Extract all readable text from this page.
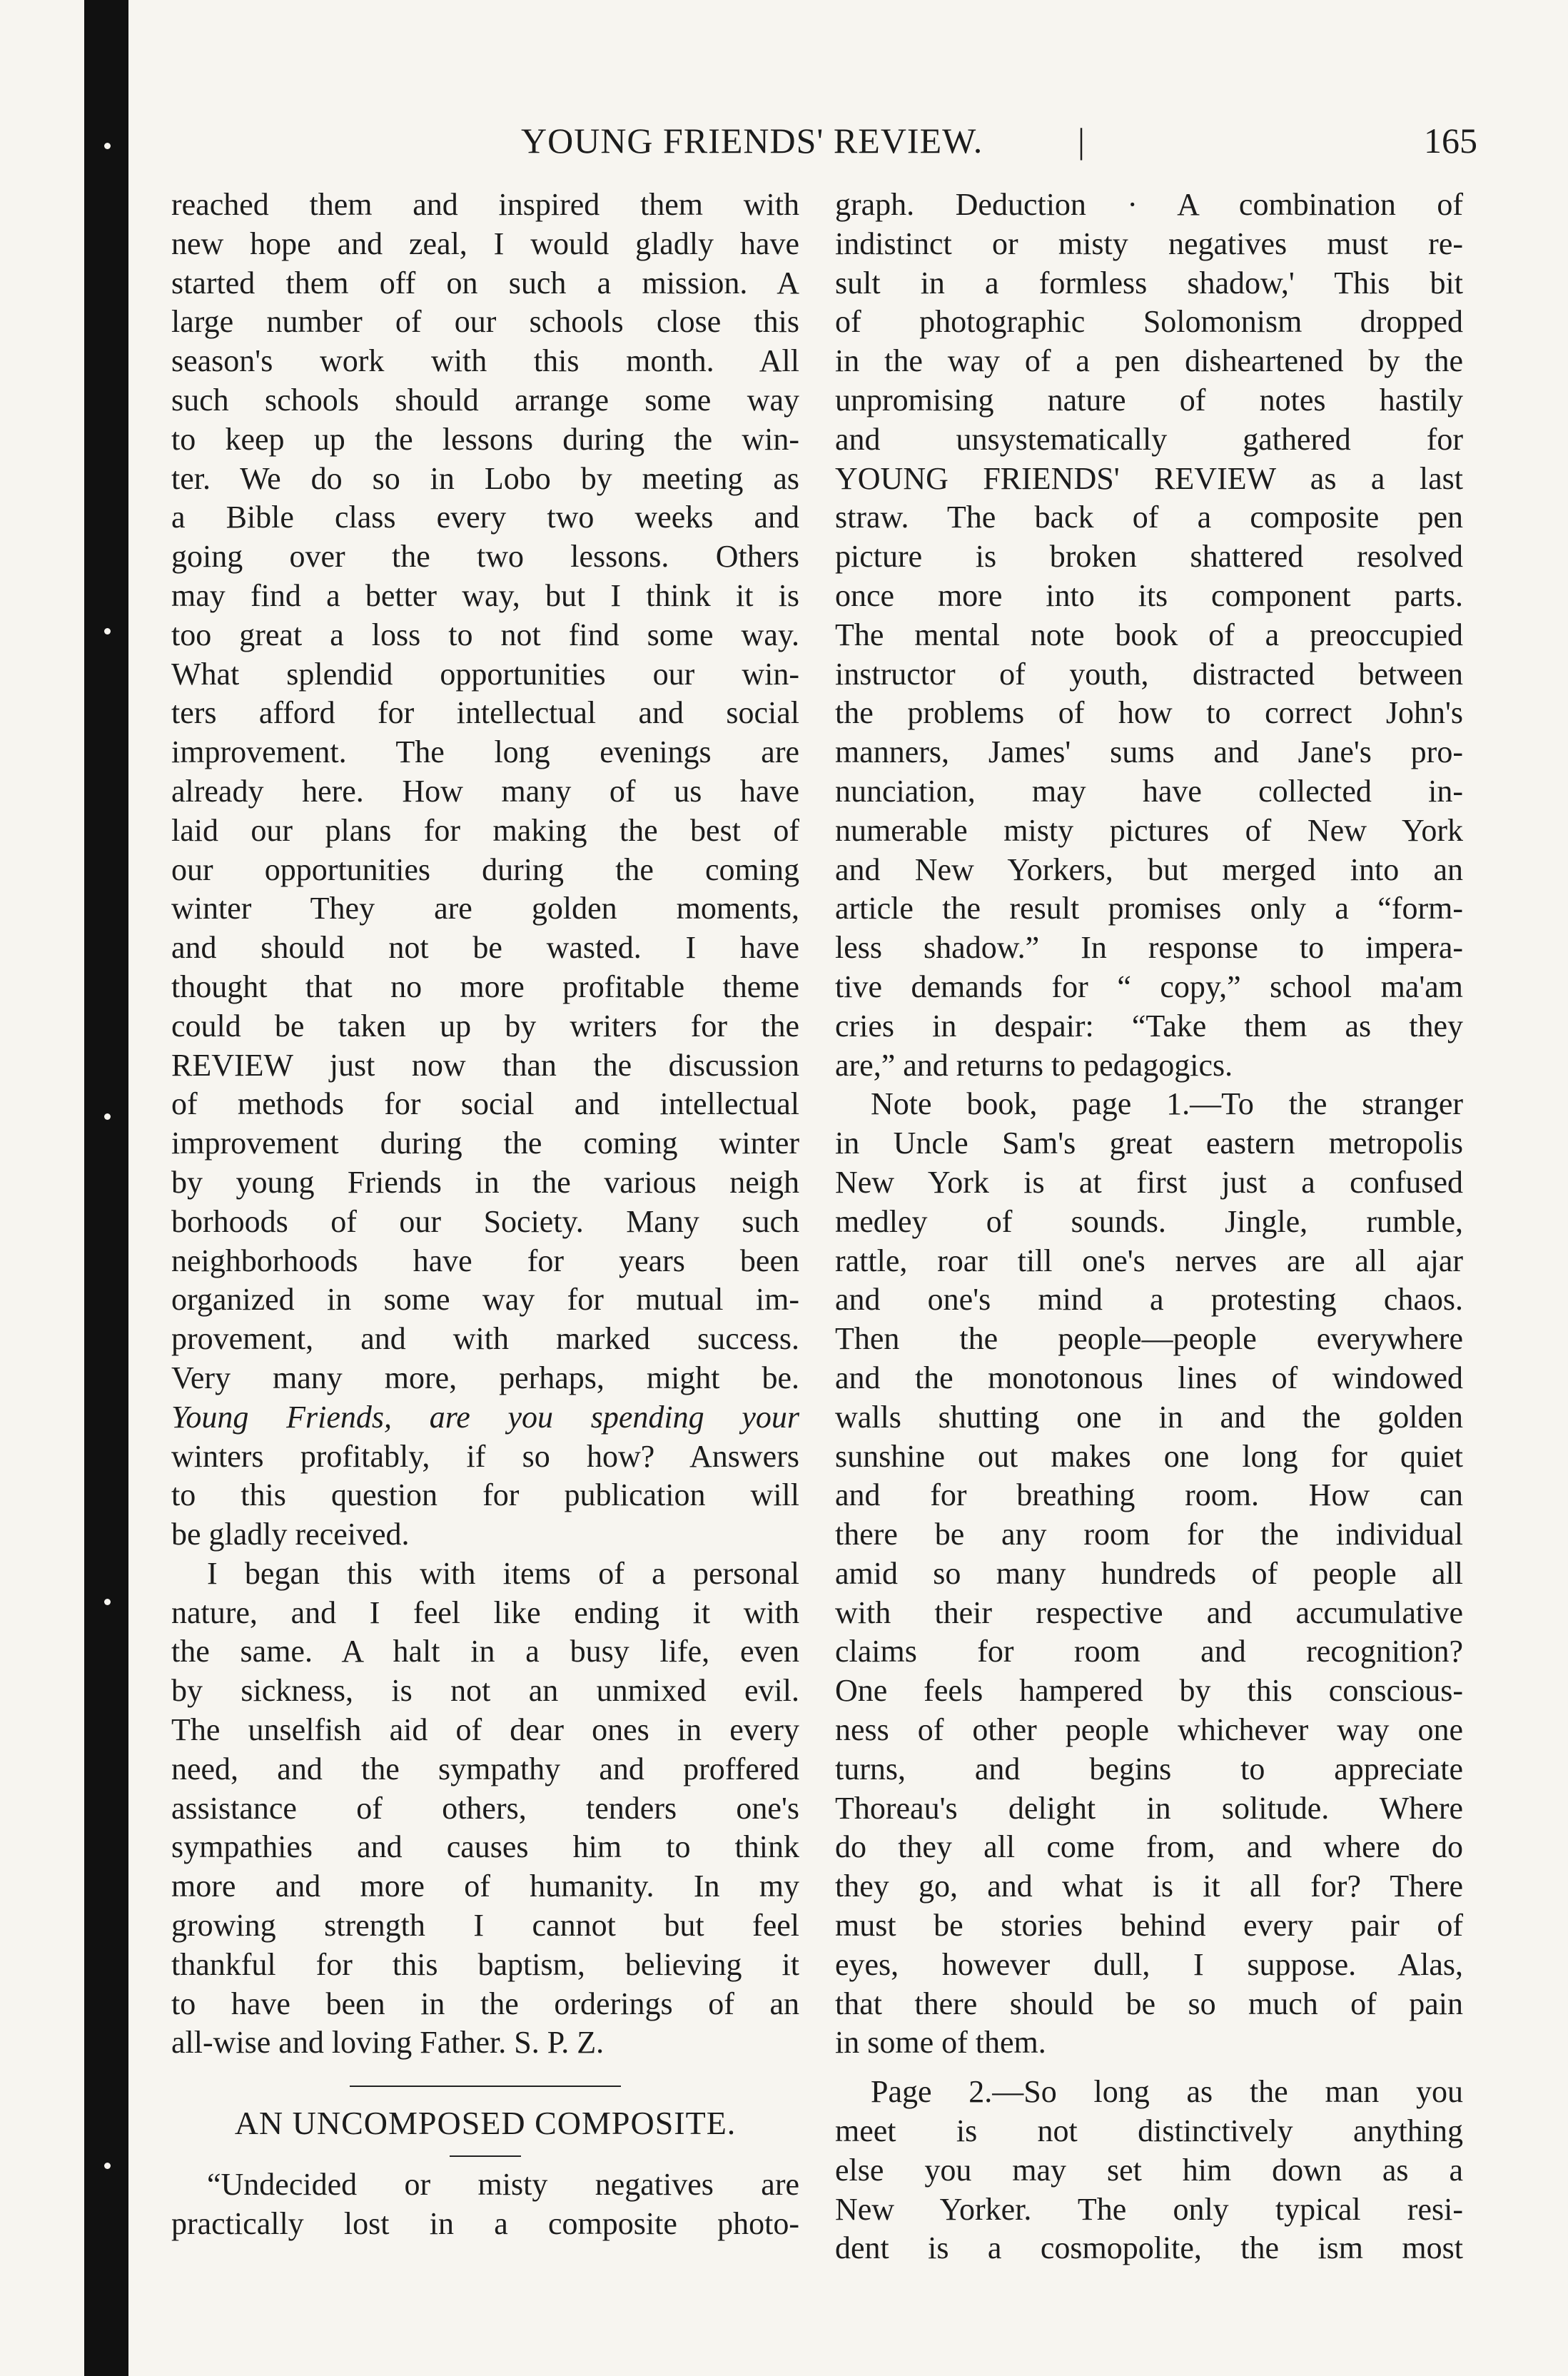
YOUNG FRIENDS' REVIEW.	|	165
reached them and inspired them with
new hope and zeal, I would gladly have
started them off on such a mission. A
large number of our schools close this
season's work with this month. All
such schools should arrange some way
to keep up the lessons during the win-
ter. We do so in Lobo by meeting as
a Bible class every two weeks and
going over the two lessons. Others
may find a better way, but I think it is
too great a loss to not find some way.
What splendid opportunities our win-
ters afford for intellectual and social
improvement. The long evenings are
already here. How many of us have
laid our plans for making the best of
our opportunities during the coming
winter They are golden moments,
and should not be wasted. I have
thought that no more profitable theme
could be taken up by writers for the
REVIEW just now than the discussion
of methods for social and intellectual
improvement during the coming winter
by young Friends in the various neigh
borhoods of our Society. Many such
neighborhoods have for years been
organized in some way for mutual im-
provement, and with marked success.
Very many more, perhaps, might be.
Young Friends, are you spending your
winters profitably, if so how? Answers
to this question for publication will
be gladly received.
I began this with items of a personal
nature, and I feel like ending it with
the same. A halt in a busy life, even
by sickness, is not an unmixed evil.
The unselfish aid of dear ones in every
need, and the sympathy and proffered
assistance of others, tenders one's
sympathies and causes him to think
more and more of humanity. In my
growing strength I cannot but feel
thankful for this baptism, believing it
to have been in the orderings of an
all-wise and loving Father. S. P. Z.
AN UNCOMPOSED COMPOSITE.
“Undecided or misty negatives are
practically lost in a composite photo-
graph. Deduction · A combination of
indistinct or misty negatives must re-
sult in a formless shadow,' This bit
of photographic Solomonism dropped
in the way of a pen disheartened by the
unpromising nature of notes hastily
and unsystematically gathered for
YOUNG FRIENDS' REVIEW as a last
straw. The back of a composite pen
picture is broken shattered resolved
once more into its component parts.
The mental note book of a preoccupied
instructor of youth, distracted between
the problems of how to correct John's
manners, James' sums and Jane's pro-
nunciation, may have collected in-
numerable misty pictures of New York
and New Yorkers, but merged into an
article the result promises only a “form-
less shadow.” In response to impera-
tive demands for “ copy,” school ma'am
cries in despair: “Take them as they
are,” and returns to pedagogics.
Note book, page 1.—To the stranger
in Uncle Sam's great eastern metropolis
New York is at first just a confused
medley of sounds. Jingle, rumble,
rattle, roar till one's nerves are all ajar
and one's mind a protesting chaos.
Then the people—people everywhere
and the monotonous lines of windowed
walls shutting one in and the golden
sunshine out makes one long for quiet
and for breathing room. How can
there be any room for the individual
amid so many hundreds of people all
with their respective and accumulative
claims for room and recognition?
One feels hampered by this conscious-
ness of other people whichever way one
turns, and begins to appreciate
Thoreau's delight in solitude. Where
do they all come from, and where do
they go, and what is it all for? There
must be stories behind every pair of
eyes, however dull, I suppose. Alas,
that there should be so much of pain
in some of them.
Page 2.—So long as the man you
meet is not distinctively anything
else you may set him down as a
New Yorker. The only typical resi-
dent is a cosmopolite, the ism most
